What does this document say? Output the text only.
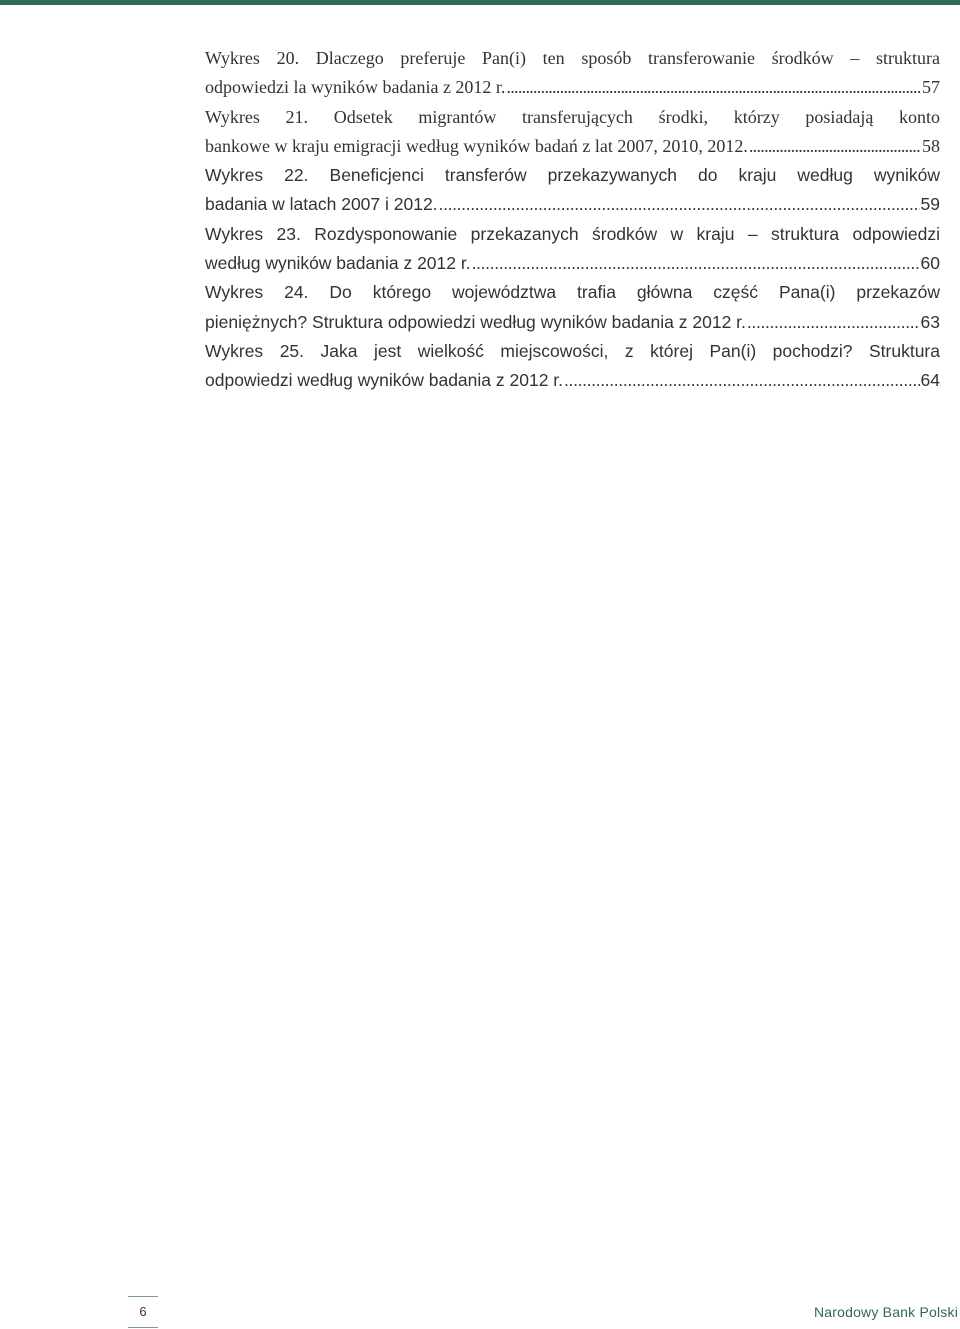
Wykres 20. Dlaczego preferuje Pan(i) ten sposób transferowanie środków – struktura
odpowiedzi la wyników badania z 2012 r. . . .	57
Wykres 21. Odsetek migrantów transferujących środki, którzy posiadają konto
bankowe w kraju emigracji według wyników badań z lat 2007, 2010, 2012. . . .	58
Wykres 22. Beneficjenci transferów przekazywanych do kraju według wyników
badania w latach 2007 i 2012. . . .	59
Wykres 23. Rozdysponowanie przekazanych środków w kraju – struktura odpowiedzi
według wyników badania z 2012 r. . . .	60
Wykres 24. Do którego województwa trafia główna część Pana(i) przekazów
pieniężnych? Struktura odpowiedzi według wyników badania z 2012 r. . . .	63
Wykres 25. Jaka jest wielkość miejscowości, z której Pan(i) pochodzi? Struktura
odpowiedzi według wyników badania z 2012 r. . . .	64
6	Narodowy Bank Polski
